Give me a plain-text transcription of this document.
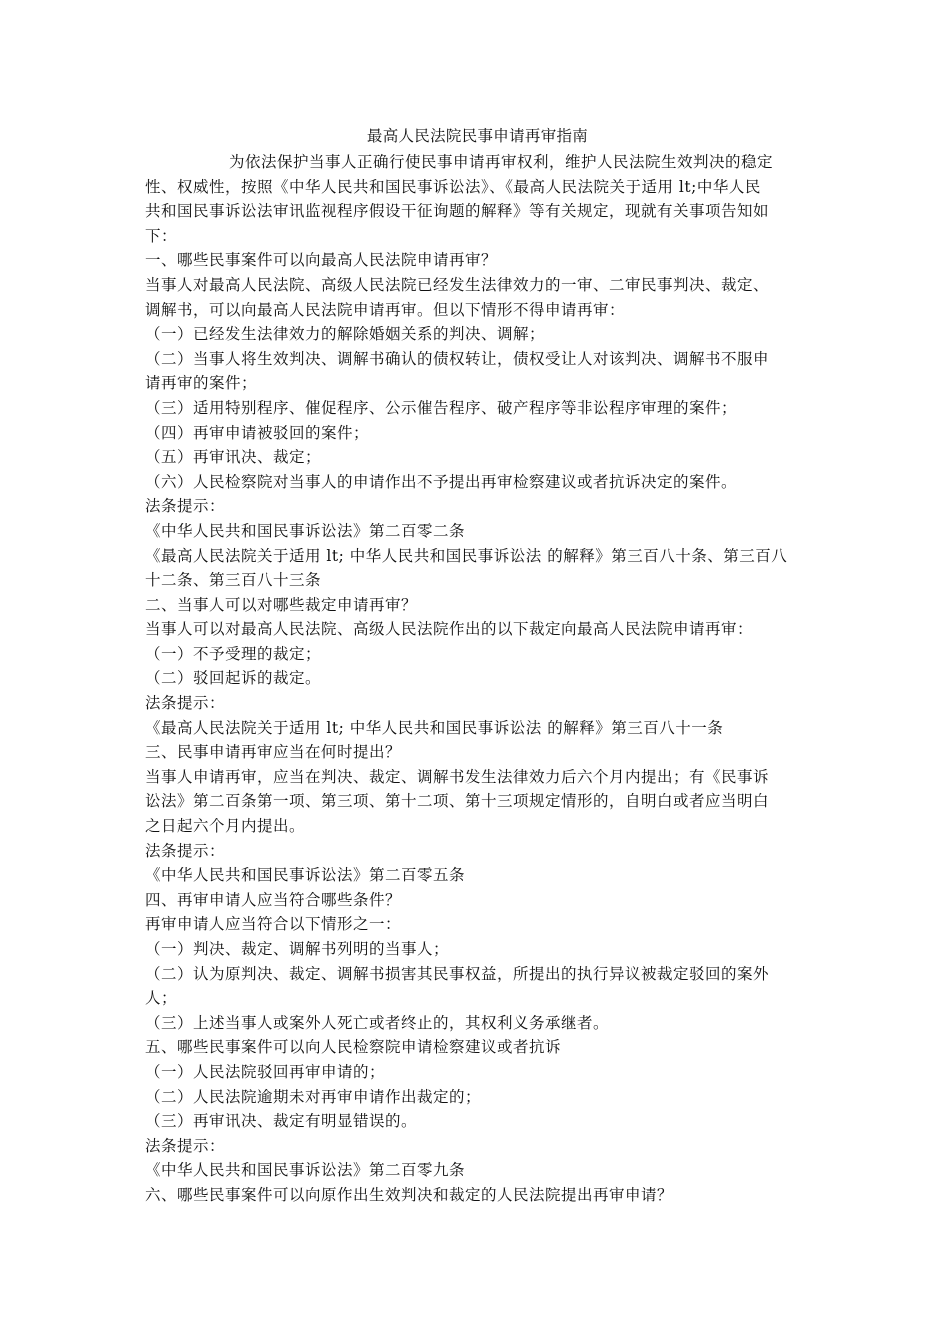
最高人民法院民事申请再审指南
为依法保护当事人正确行使民事申请再审权利，维护人民法院生效判决的稳定
性、权威性，按照《中华人民共和国民事诉讼法》、《最高人民法院关于适用 lt;中华人民
共和国民事诉讼法审讯监视程序假设干征询题的解释》等有关规定，现就有关事项告知如
下：
一、哪些民事案件可以向最高人民法院申请再审？
当事人对最高人民法院、高级人民法院已经发生法律效力的一审、二审民事判决、裁定、
调解书，可以向最高人民法院申请再审。但以下情形不得申请再审：
（一）已经发生法律效力的解除婚姻关系的判决、调解；
（二）当事人将生效判决、调解书确认的债权转让，债权受让人对该判决、调解书不服申
请再审的案件；
（三）适用特别程序、催促程序、公示催告程序、破产程序等非讼程序审理的案件；
（四）再审申请被驳回的案件；
（五）再审讯决、裁定；
（六）人民检察院对当事人的申请作出不予提出再审检察建议或者抗诉决定的案件。
法条提示：
《中华人民共和国民事诉讼法》第二百零二条
《最高人民法院关于适用 lt; 中华人民共和国民事诉讼法 的解释》第三百八十条、第三百八
十二条、第三百八十三条
二、当事人可以对哪些裁定申请再审？
当事人可以对最高人民法院、高级人民法院作出的以下裁定向最高人民法院申请再审：
（一）不予受理的裁定；
（二）驳回起诉的裁定。
法条提示：
《最高人民法院关于适用 lt; 中华人民共和国民事诉讼法 的解释》第三百八十一条
三、民事申请再审应当在何时提出？
当事人申请再审，应当在判决、裁定、调解书发生法律效力后六个月内提出；有《民事诉
讼法》第二百条第一项、第三项、第十二项、第十三项规定情形的，自明白或者应当明白
之日起六个月内提出。
法条提示：
《中华人民共和国民事诉讼法》第二百零五条
四、再审申请人应当符合哪些条件？
再审申请人应当符合以下情形之一：
（一）判决、裁定、调解书列明的当事人；
（二）认为原判决、裁定、调解书损害其民事权益，所提出的执行异议被裁定驳回的案外
人；
（三）上述当事人或案外人死亡或者终止的，其权利义务承继者。
五、哪些民事案件可以向人民检察院申请检察建议或者抗诉
（一）人民法院驳回再审申请的；
（二）人民法院逾期未对再审申请作出裁定的；
（三）再审讯决、裁定有明显错误的。
法条提示：
《中华人民共和国民事诉讼法》第二百零九条
六、哪些民事案件可以向原作出生效判决和裁定的人民法院提出再审申请？
